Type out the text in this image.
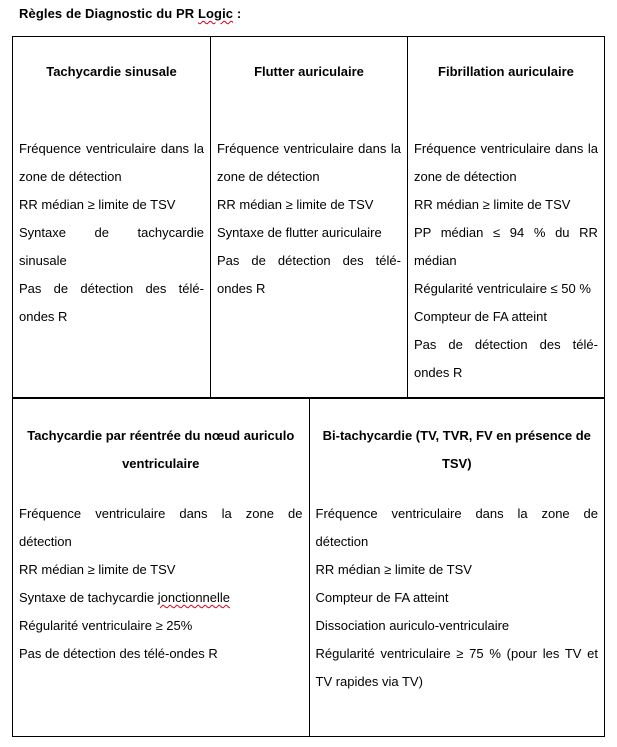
Règles de Diagnostic du PR Logic :
Tachycardie sinusale

Fréquence ventriculaire dans la zone de détection

RR médian ≥ limite de TSV

Syntaxe de tachycardie sinusale

Pas de détection des télé-ondes R

Flutter auriculaire

Fréquence ventriculaire dans la zone de détection

RR médian ≥ limite de TSV

Syntaxe de flutter auriculaire

Pas de détection des télé-ondes R

Fibrillation auriculaire

Fréquence ventriculaire dans la zone de détection

RR médian ≥ limite de TSV

PP médian ≤ 94 % du RR médian

Régularité ventriculaire ≤ 50 %

Compteur de FA atteint

Pas de détection des télé-ondes R

Tachycardie par réentrée du nœud auriculo ventriculaire

Fréquence ventriculaire dans la zone de détection

RR médian ≥ limite de TSV

Syntaxe de tachycardie jonctionnelle

Régularité ventriculaire ≥ 25%

Pas de détection des télé-ondes R

Bi-tachycardie (TV, TVR, FV en présence de TSV)

Fréquence ventriculaire dans la zone de détection

RR médian ≥ limite de TSV

Compteur de FA atteint

Dissociation auriculo-ventriculaire

Régularité ventriculaire ≥ 75 % (pour les TV et TV rapides via TV)
